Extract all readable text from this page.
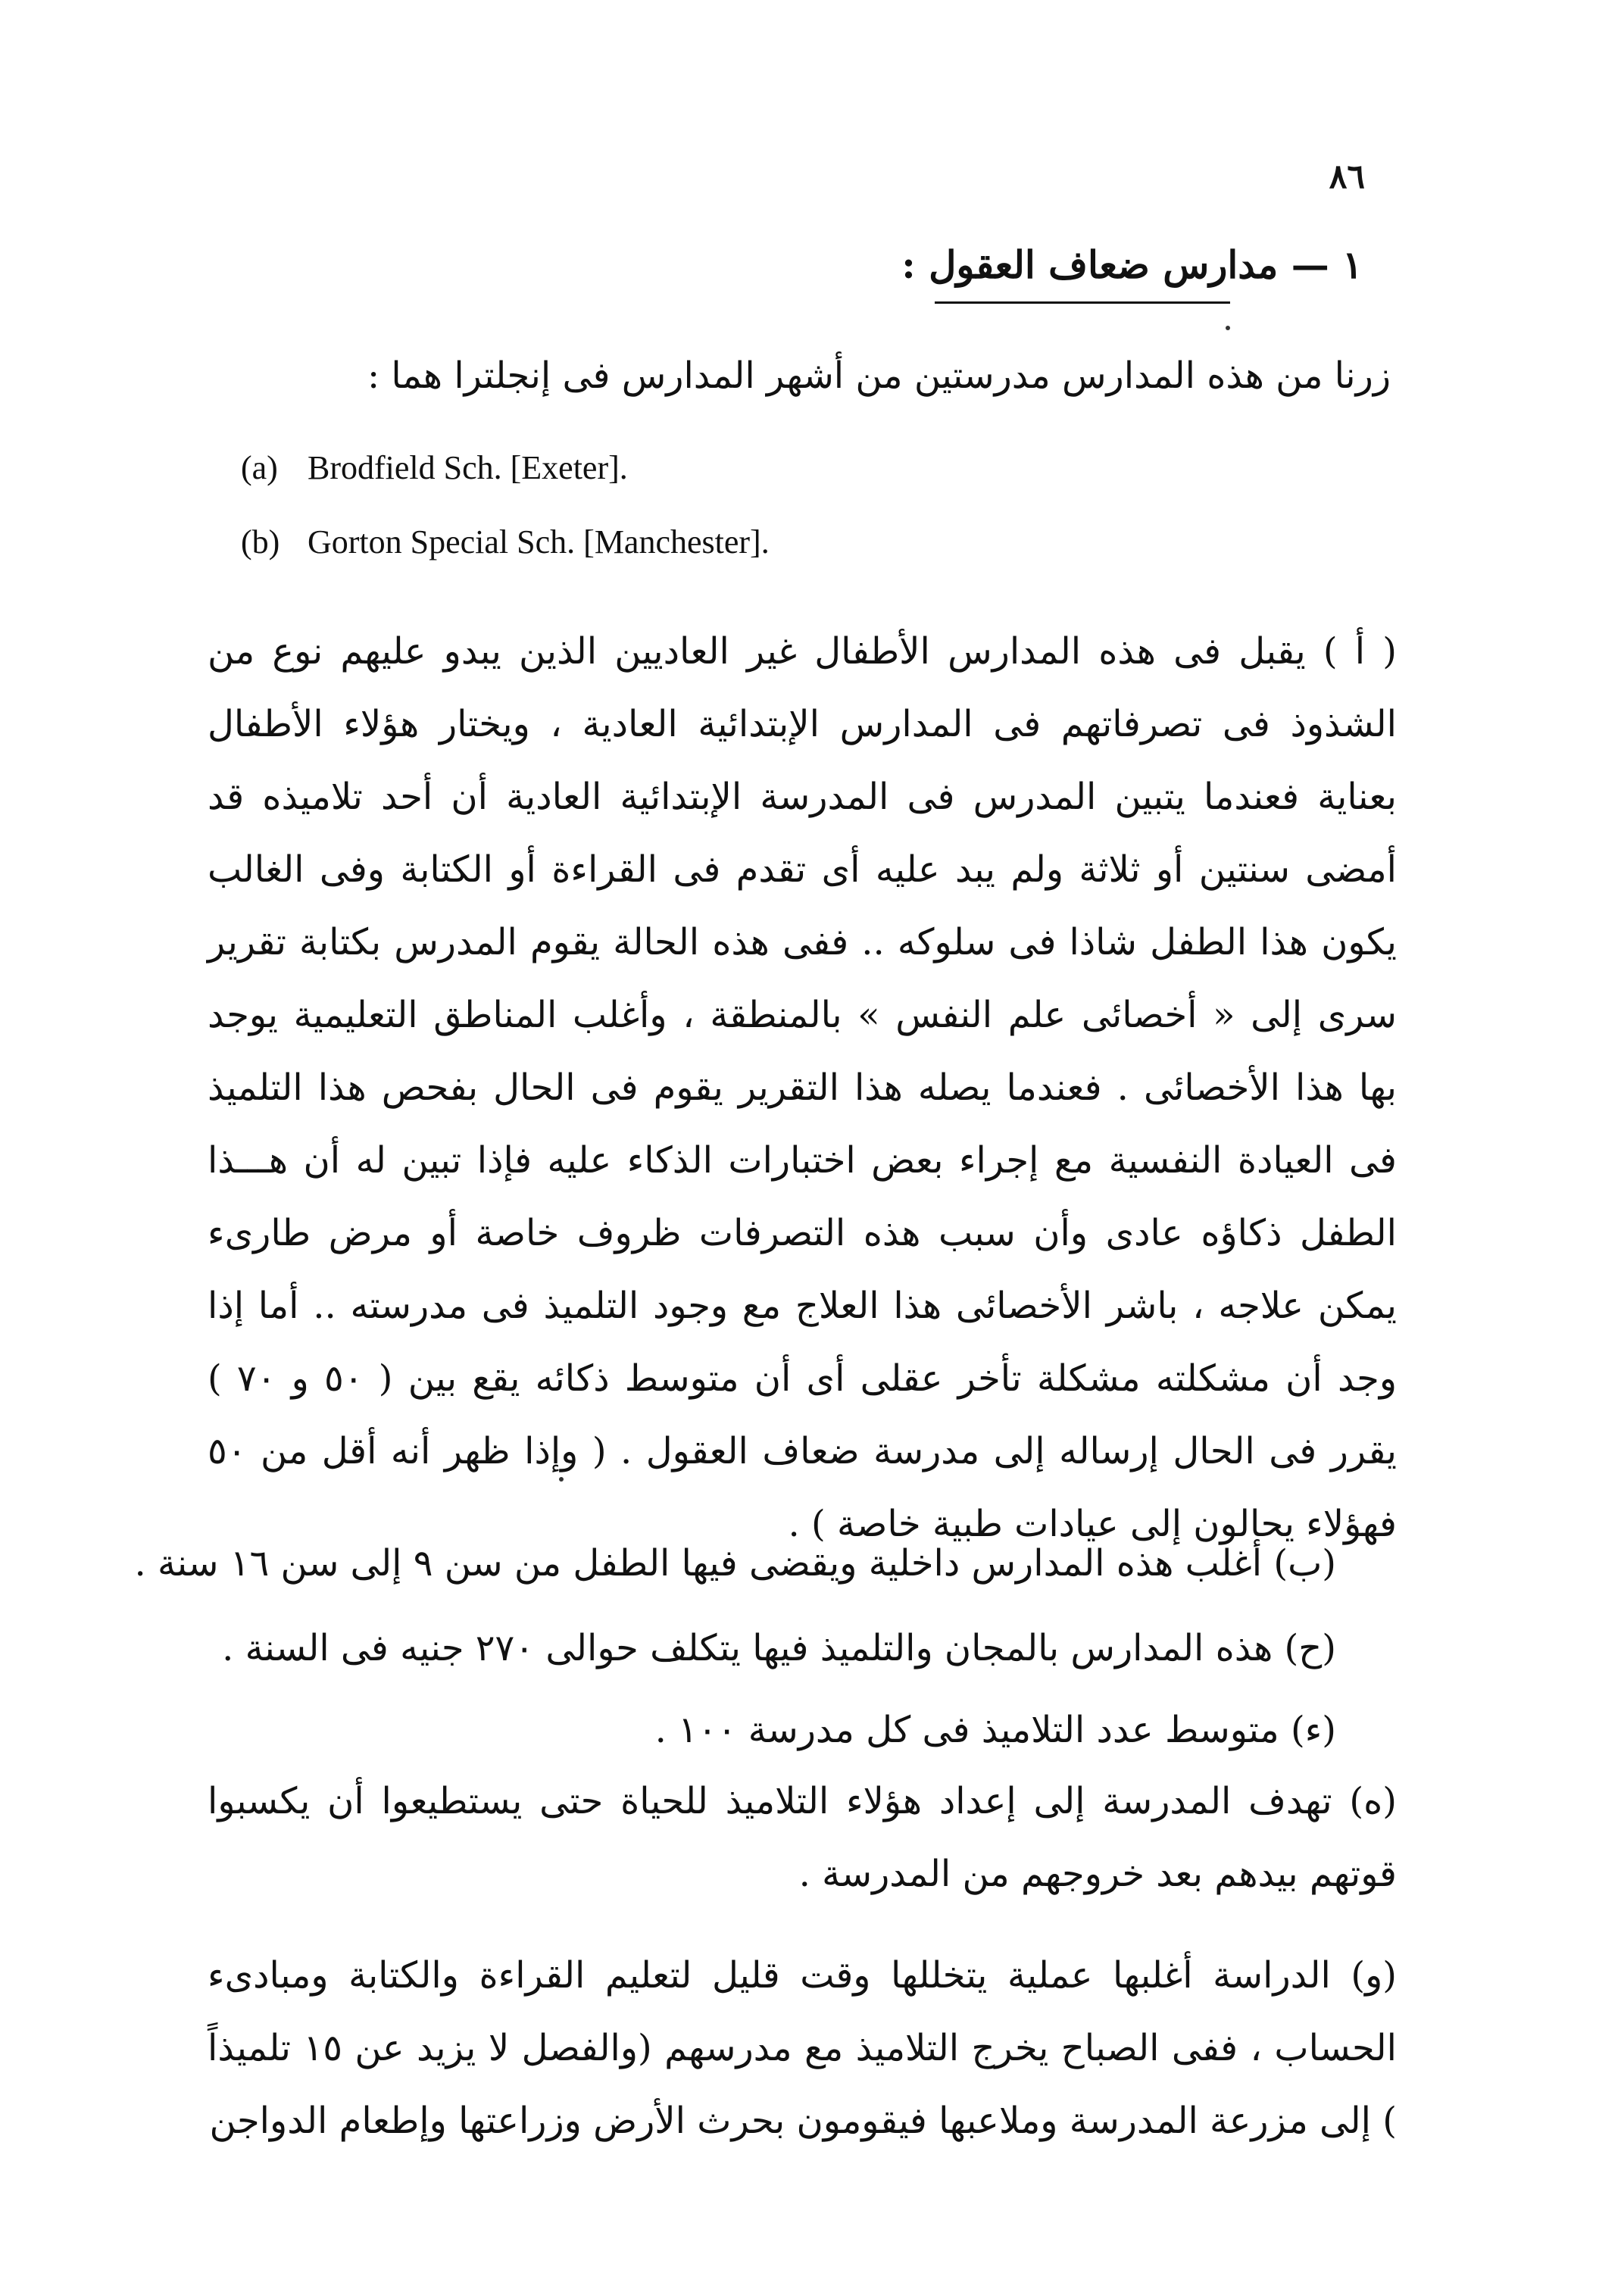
٨٦
١ — مدارس ضعاف العقول :
زرنا من هذه المدارس مدرستين من أشهر المدارس فى إنجلترا هما :
(a) Brodfield Sch. [Exeter].
(b) Gorton Special Sch. [Manchester].

( أ ) يقبل فى هذه المدارس الأطفال غير العاديين الذين يبدو عليهم نوع من الشذوذ فى تصرفاتهم فى المدارس الإبتدائية العادية ، ويختار هؤلاء الأطفال بعناية فعندما يتبين المدرس فى المدرسة الإبتدائية العادية أن أحد تلاميذه قد أمضى سنتين أو ثلاثة ولم يبد عليه أى تقدم فى القراءة أو الكتابة وفى الغالب يكون هذا الطفل شاذا فى سلوكه .. ففى هذه الحالة يقوم المدرس بكتابة تقرير سرى إلى « أخصائى علم النفس » بالمنطقة ، وأغلب المناطق التعليمية يوجد بها هذا الأخصائى . فعندما يصله هذا التقرير يقوم فى الحال بفحص هذا التلميذ فى العيادة النفسية مع إجراء بعض اختبارات الذكاء عليه فإذا تبين له أن هـــذا الطفل ذكاؤه عادى وأن سبب هذه التصرفات ظروف خاصة أو مرض طارىء يمكن علاجه ، باشر الأخصائى هذا العلاج مع وجود التلميذ فى مدرسته .. أما إذا وجد أن مشكلته مشكلة تأخر عقلى أى أن متوسط ذكائه يقع بين ( ٥٠ و ٧٠ ) يقرر فى الحال إرساله إلى مدرسة ضعاف العقول . ( وإذا ظهر أنه أقل من ٥٠ فهؤلاء يحالون إلى عيادات طبية خاصة ) .

(ب) أغلب هذه المدارس داخلية ويقضى فيها الطفل من سن ٩ إلى سن ١٦ سنة .
(ح) هذه المدارس بالمجان والتلميذ فيها يتكلف حوالى ٢٧٠ جنيه فى السنة .
(ء) متوسط عدد التلاميذ فى كل مدرسة ١٠٠ .

(ه) تهدف المدرسة إلى إعداد هؤلاء التلاميذ للحياة حتى يستطيعوا أن يكسبوا قوتهم بيدهم بعد خروجهم من المدرسة .

(و) الدراسة أغلبها عملية يتخللها وقت قليل لتعليم القراءة والكتابة ومبادىء الحساب ، ففى الصباح يخرج التلاميذ مع مدرسهم (والفصل لا يزيد عن ١٥ تلميذاً ) إلى مزرعة المدرسة وملاعبها فيقومون بحرث الأرض وزراعتها وإطعام الدواجن
